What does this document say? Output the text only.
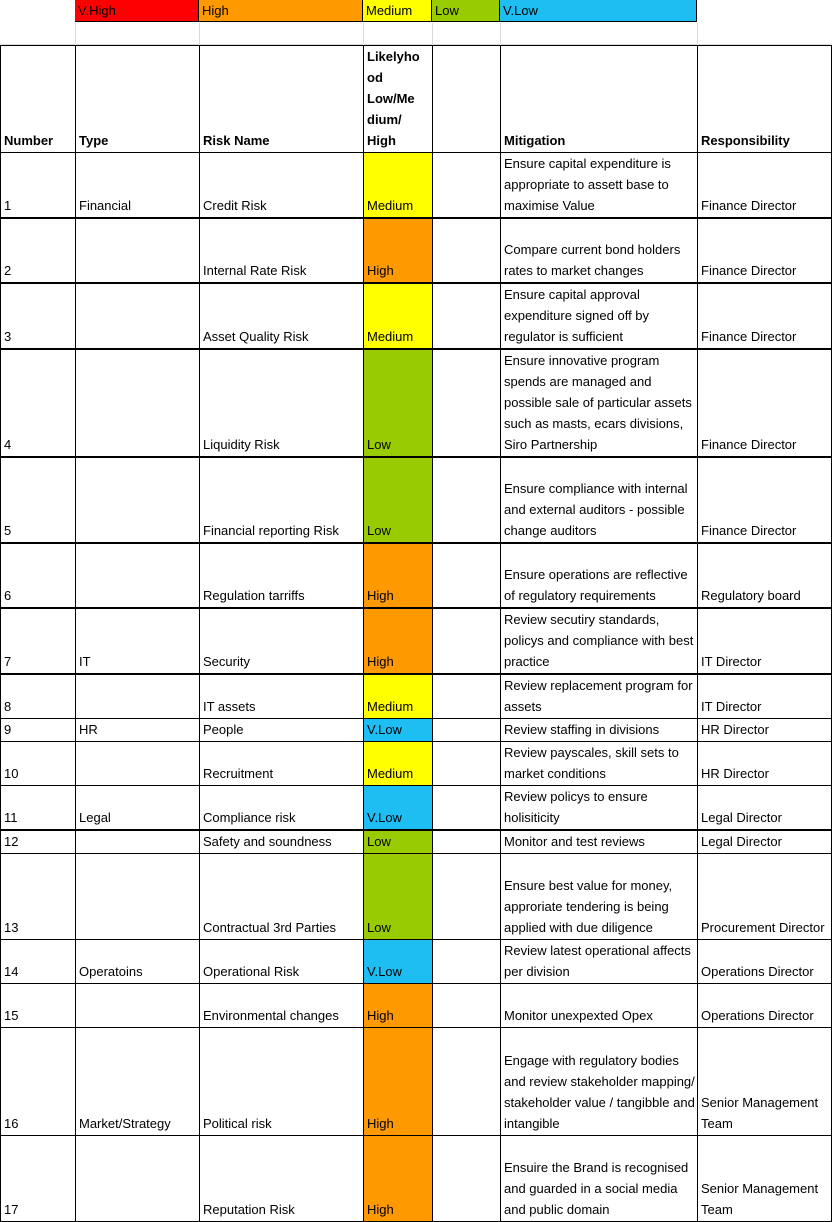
V.High	High	Medium	Low	V.Low
Number	Type	Risk Name	Likelyho od Low/Me dium/ High		Mitigation	Responsibility
1	Financial	Credit Risk	Medium		Ensure capital expenditure is appropriate to assett base to maximise Value	Finance Director
2		Internal Rate Risk	High		Compare current bond holders rates to market changes	Finance Director
3		Asset Quality Risk	Medium		Ensure capital approval expenditure signed off by regulator is sufficient	Finance Director
4		Liquidity Risk	Low		Ensure innovative program spends are managed and possible sale of particular assets such as masts, ecars divisions, Siro Partnership	Finance Director
5		Financial reporting Risk	Low		Ensure compliance with internal and external auditors - possible change auditors	Finance Director
6		Regulation tarriffs	High		Ensure operations are reflective of regulatory requirements	Regulatory board
7	IT	Security	High		Review secutiry standards, policys and compliance with best practice	IT Director
8		IT assets	Medium		Review replacement program for assets	IT Director
9	HR	People	V.Low		Review staffing in divisions	HR Director
10		Recruitment	Medium		Review payscales, skill sets to market conditions	HR Director
11	Legal	Compliance risk	V.Low		Review policys to ensure holisiticity	Legal Director
12		Safety and soundness	Low		Monitor and test reviews	Legal Director
13		Contractual 3rd Parties	Low		Ensure best value for money, approriate tendering is being applied with due diligence	Procurement Director
14	Operatoins	Operational Risk	V.Low		Review latest operational affects per division	Operations Director
15		Environmental changes	High		Monitor unexpexted Opex	Operations Director
16	Market/Strategy	Political risk	High		Engage with regulatory bodies and review stakeholder mapping/ stakeholder value / tangibble and intangible	Senior Management Team
17		Reputation Risk	High		Ensuire the Brand is recognised and guarded in a social media and public domain	Senior Management Team
